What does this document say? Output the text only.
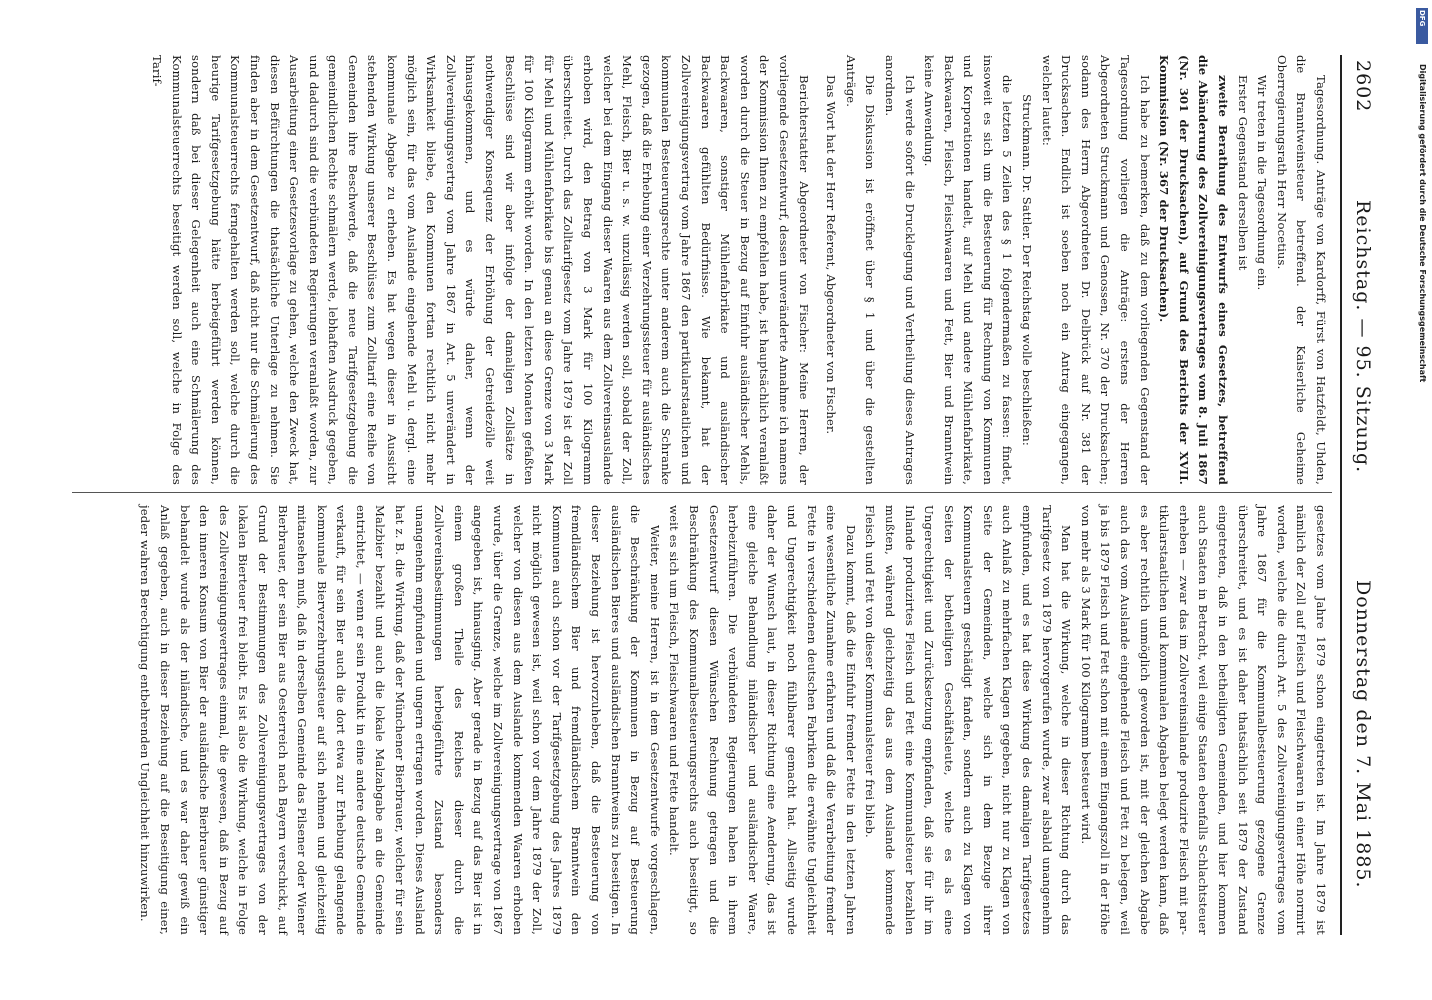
2602
Reichstag. — 95. Sitzung.
Donnerstag den 7. Mai 1885.

Tagesordnung. Anträge von Kardorff, Fürst von Hatzfeldt, Uhden, die Branntweinsteuer betreffend. der Kaiserliche Geheime Oberregierungsrath Herr Nocetius.

Wir treten in die Tagesordnung ein.

Erster Gegenstand derselben ist

zweite Berathung des Entwurfs eines Gesetzes, betreffend die Abänderung des Zollvereinigungsvertrages vom 8. Juli 1867 (Nr. 301 der Drucksachen), auf Grund des Berichts der XVII. Kommission (Nr. 367 der Drucksachen).

Ich habe zu bemerken, daß zu dem vorliegenden Gegenstand der Tagesordnung vorliegen die Anträge: erstens der Herren Abgeordneten Struckmann und Genossen, Nr. 370 der Drucksachen; sodann des Herrn Abgeordneten Dr. Delbrück auf Nr. 381 der Drucksachen. Endlich ist soeben noch ein Antrag eingegangen, welcher lautet:

Struckmann. Dr. Sattler. Der Reichstag wolle beschließen:

die letzten 5 Zeilen des § 1 folgendermaßen zu fassen: findet, insoweit es sich um die Besteuerung für Rechnung von Kommunen und Korporationen handelt, auf Mehl und andere Mühlenfabrikate, Backwaaren, Fleisch, Fleischwaaren und Fett, Bier und Branntwein keine Anwendung.

Ich werde sofort die Drucklegung und Vertheilung dieses Antrages anordnen.

Die Diskussion ist eröffnet über § 1 und über die gestellten Anträge.

Das Wort hat der Herr Referent, Abgeordneter von Fischer.

Berichterstatter Abgeordneter von Fischer: Meine Herren, der vorliegende Gesetzentwurf, dessen unveränderte Annahme ich namens der Kommission Ihnen zu empfehlen habe, ist hauptsächlich veranlaßt worden durch die Steuer in Bezug auf Einfuhr ausländischer Mehls, Backwaaren, sonstiger Mühlenfabrikate und ausländischer Backwaaren gefühlten Bedürfnisse. Wie bekannt, hat der Zollvereinigungsvertrag vom Jahre 1867 den partikularstaatlichen und kommunalen Besteuerungsrechte unter anderem auch die Schranke gezogen, daß die Erhebung einer Verzehrungssteuer für ausländisches Mehl, Fleisch, Bier u. s. w. unzulässig werden soll, sobald der Zoll, welcher bei dem Eingang dieser Waaren aus dem Zollvereinsauslande erhoben wird, den Betrag von 3 Mark für 100 Kilogramm überschreitet. Durch das Zolltarifgesetz vom Jahre 1879 ist der Zoll für Mehl und Mühlenfabrikate bis genau an diese Grenze von 3 Mark für 100 Kilogramm erhöht worden. In den letzten Monaten gefaßten Beschlüsse sind wir aber infolge der damaligen Zollsätze in nothwendiger Konsequenz der Erhöhung der Getreidezölle weit hinausgekommen, und es würde daher, wenn der Zollvereinigungsvertrag vom Jahre 1867 in Art. 5 unverändert in Wirksamkeit bliebe, den Kommunen fortan rechtlich nicht mehr möglich sein, für das vom Auslande eingehende Mehl u. dergl. eine kommunale Abgabe zu erheben. Es hat wegen dieser in Aussicht stehenden Wirkung unserer Beschlüsse zum Zolltarif eine Reihe von Gemeinden ihre Beschwerde, daß die neue Tarifgesetzgebung die gemeindlichen Rechte schmälern werde, lebhaften Ausdruck gegeben, und dadurch sind die verbündeten Regierungen veranlaßt worden, zur Ausarbeitung einer Gesetzesvorlage zu gehen, welche den Zweck hat, diesen Befürchtungen die thatsächliche Unterlage zu nehmen. Sie finden aber in dem Gesetzentwurf, daß nicht nur die Schmälerung des Kommunalsteuerrechts ferngehalten werden soll, welche durch die heurige Tarifgesetzgebung hätte herbeigeführt werden können, sondern daß bei dieser Gelegenheit auch eine Schmälerung des Kommunalsteuerrechts beseitigt werden soll, welche in Folge des Tarif-

gesetzes vom Jahre 1879 schon eingetreten ist. Im Jahre 1879 ist nämlich der Zoll auf Fleisch und Fleischwaaren in einer Höhe normirt worden, welche die durch Art. 5 des Zollvereinigungsvertrages vom Jahre 1867 für die Kommunalbesteuerung gezogene Grenze überschreitet, und es ist daher thatsächlich seit 1879 der Zustand eingetreten, daß in den betheiligten Gemeinden, und hier kommen auch Staaten in Betracht, weil einige Staaten ebenfalls Schlachtsteuer erheben — zwar das im Zollvereinsinlande produzirte Fleisch mit partikularstaatlichen und kommunalen Abgaben belegt werden kann, daß es aber rechtlich unmöglich geworden ist, mit der gleichen Abgabe auch das vom Auslande eingehende Fleisch und Fett zu belegen, weil ja bis 1879 Fleisch und Fett schon mit einem Eingangszoll in der Höhe von mehr als 3 Mark für 100 Kilogramm besteuert wird.

Man hat die Wirkung, welche in dieser Richtung durch das Tarifgesetz von 1879 hervorgerufen wurde, zwar alsbald unangenehm empfunden, und es hat diese Wirkung des damaligen Tarifgesetzes auch Anlaß zu mehrfachen Klagen gegeben, nicht nur zu Klagen von Seite der Gemeinden, welche sich in dem Bezuge ihrer Kommunalsteuern geschädigt fanden, sondern auch zu Klagen von Seiten der betheiligten Geschäftsleute, welche es als eine Ungerechtigkeit und Zurücksetzung empfanden, daß sie für ihr im Inlande produzirtes Fleisch und Fett eine Kommunalsteuer bezahlen mußten, während gleichzeitig das aus dem Auslande kommende Fleisch und Fett von dieser Kommunalsteuer frei blieb.

Dazu kommt, daß die Einfuhr fremder Fette in den letzten Jahren eine wesentliche Zunahme erfahren und daß die Verarbeitung fremder Fette in verschiedenen deutschen Fabriken die erwähnte Ungleichheit und Ungerechtigkeit noch fühlbarer gemacht hat. Allseitig wurde daher der Wunsch laut, in dieser Richtung eine Aenderung, das ist eine gleiche Behandlung inländischer und ausländischer Waare, herbeizuführen. Die verbündeten Regierungen haben in ihrem Gesetzentwurf diesen Wünschen Rechnung getragen und die Beschränkung des Kommunalbesteuerungsrechts auch beseitigt, so weit es sich um Fleisch, Fleischwaaren und Fette handelt.

Weiter, meine Herren, ist in dem Gesetzentwurfe vorgeschlagen, die Beschränkung der Kommunen in Bezug auf Besteuerung ausländischen Bieres und ausländischen Branntweins zu beseitigen. In dieser Beziehung ist hervorzuheben, daß die Besteuerung von fremdländischem Bier und fremdländischem Branntwein den Kommunen auch schon vor der Tarifgesetzgebung des Jahres 1879 nicht möglich gewesen ist, weil schon vor dem Jahre 1879 der Zoll, welcher von diesen aus dem Auslande kommenden Waaren erhoben wurde, über die Grenze, welche im Zollvereinigungsvertrage von 1867 angegeben ist, hinausging. Aber gerade in Bezug auf das Bier ist in einem großen Theile des Reiches dieser durch die Zollvereinsbestimmungen herbeigeführte Zustand besonders unangenehm empfunden und ungern ertragen worden. Dieses Ausland hat z. B. die Wirkung, daß der Münchener Bierbrauer, welcher für sein Malzbier bezahlt und auch die lokale Malzabgabe an die Gemeinde entrichtet, — wenn er sein Produkt in eine andere deutsche Gemeinde verkauft, für sein Bier auch die dort etwa zur Erhebung gelangende kommunale Bierverzehrungssteuer auf sich nehmen und gleichzeitig mitansehen muß, daß in derselben Gemeinde das Pilsener oder Wiener Bierbrauer, der sein Bier aus Oesterreich nach Bayern verschickt, auf Grund der Bestimmungen des Zollvereinigungsvertrages von der lokalen Bierteuer frei bleibt. Es ist also die Wirkung, welche in Folge des Zollvereinigungsvertrages einmal, die gewesen, daß in Bezug auf den inneren Konsum von Bier der ausländische Bierbrauer günstiger behandelt wurde als der inländische, und es war daher gewiß ein Anlaß gegeben, auch in dieser Beziehung auf die Beseitigung einer, jeder wahren Berechtigung entbehrenden Ungleichheit hinzuwirken.

Digitalisierung gefördert durch die Deutsche Forschungsgemeinschaft
DFG
